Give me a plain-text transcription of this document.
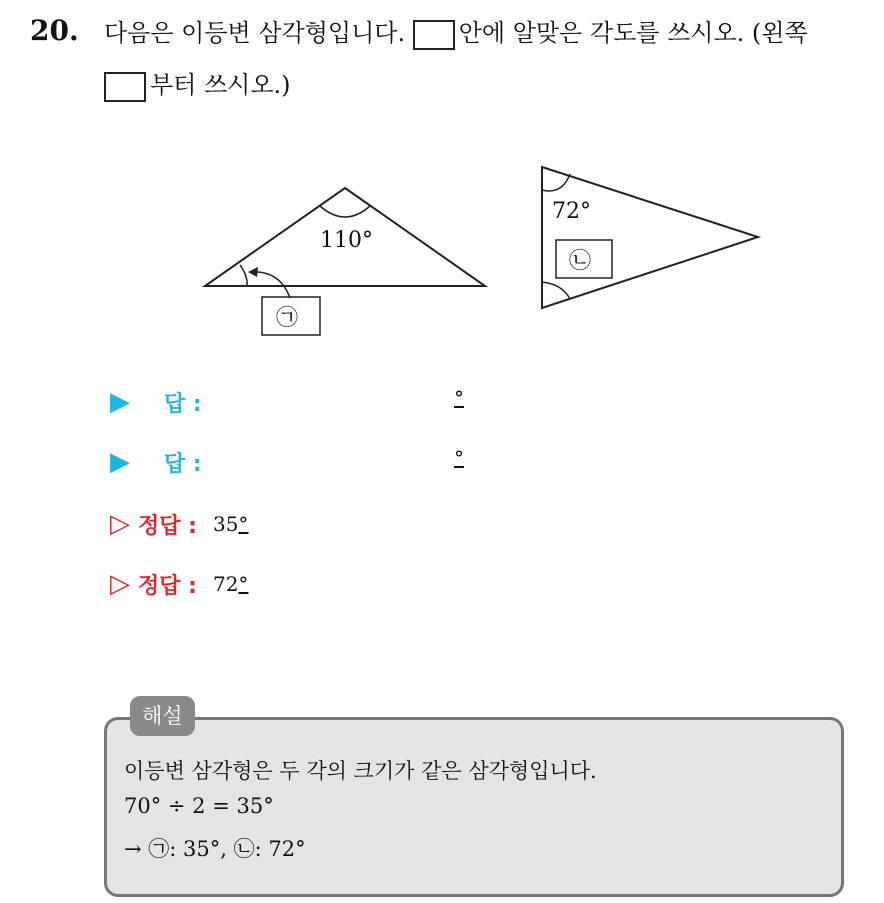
20. 다음은 이등변 삼각형입니다. 안에 알맞은 각도를 쓰시오. (왼쪽
부터 쓰시오.)
110°
㉠
72°
㉡
▶ 답 :	°
▶ 답 :	°
▷ 정답 : 35 °
▷ 정답 : 72 °
해설
이등변 삼각형은 두 각의 크기가 같은 삼각형입니다.
70° ÷ 2 = 35°
→ ㉠: 35°, ㉡: 72°
